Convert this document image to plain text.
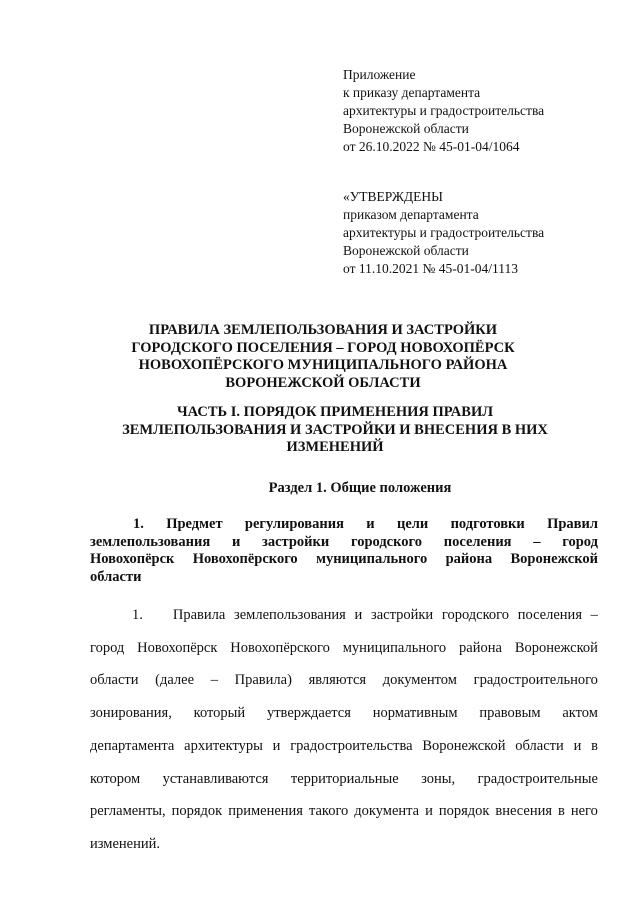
Приложение
к приказу департамента
архитектуры и градостроительства
Воронежской области
от 26.10.2022 № 45-01-04/1064
«УТВЕРЖДЕНЫ
приказом департамента
архитектуры и градостроительства
Воронежской области
от 11.10.2021 № 45-01-04/1113
ПРАВИЛА ЗЕМЛЕПОЛЬЗОВАНИЯ И ЗАСТРОЙКИ
ГОРОДСКОГО ПОСЕЛЕНИЯ – ГОРОД НОВОХОПЁРСК
НОВОХОПЁРСКОГО МУНИЦИПАЛЬНОГО РАЙОНА
ВОРОНЕЖСКОЙ ОБЛАСТИ
ЧАСТЬ I. ПОРЯДОК ПРИМЕНЕНИЯ ПРАВИЛ
ЗЕМЛЕПОЛЬЗОВАНИЯ И ЗАСТРОЙКИ И ВНЕСЕНИЯ В НИХ
ИЗМЕНЕНИЙ
Раздел 1. Общие положения
1. Предмет регулирования и цели подготовки Правил
землепользования и застройки городского поселения – город
Новохопёрск Новохопёрского муниципального района Воронежской
области
1. Правила землепользования и застройки городского поселения –
город Новохопёрск Новохопёрского муниципального района Воронежской
области (далее – Правила) являются документом градостроительного
зонирования, который утверждается нормативным правовым актом
департамента архитектуры и градостроительства Воронежской области и в
котором устанавливаются территориальные зоны, градостроительные
регламенты, порядок применения такого документа и порядок внесения в него
изменений.
